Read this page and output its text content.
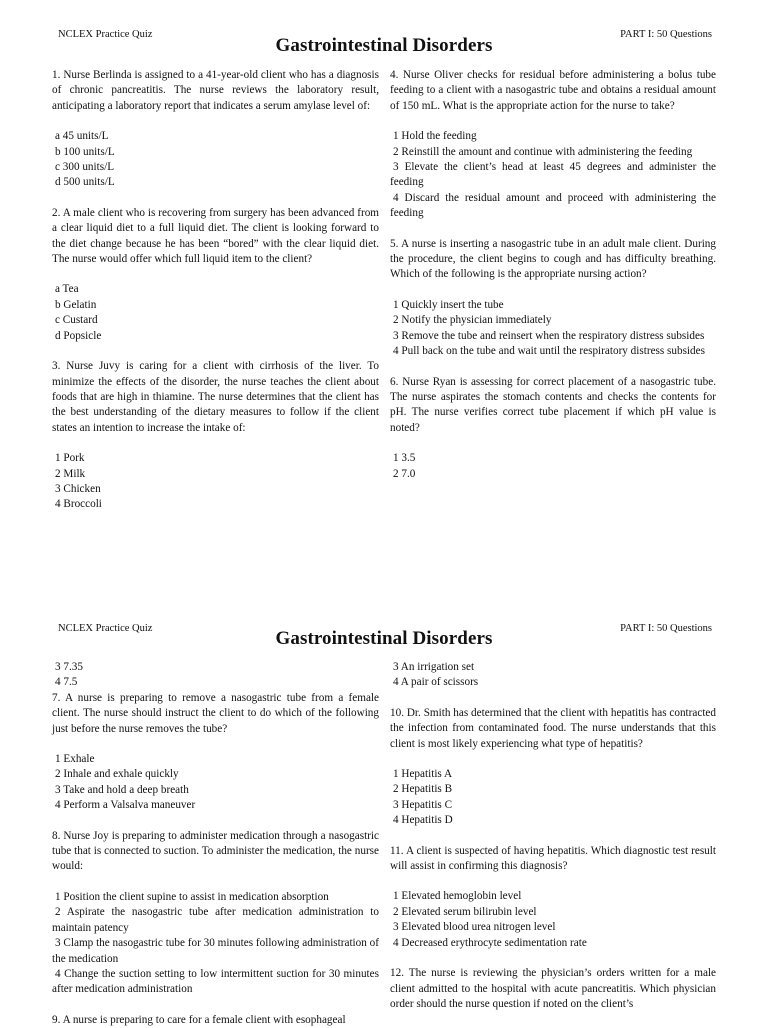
NCLEX Practice Quiz	PART I: 50 Questions
Gastrointestinal Disorders

1. Nurse Berlinda is assigned to a 41-year-old client who has a diagnosis of chronic pancreatitis. The nurse reviews the laboratory result, anticipating a laboratory report that indicates a serum amylase level of:

a 45 units/L
b 100 units/L
c 300 units/L
d 500 units/L

2. A male client who is recovering from surgery has been advanced from a clear liquid diet to a full liquid diet. The client is looking forward to the diet change because he has been “bored” with the clear liquid diet. The nurse would offer which full liquid item to the client?

a Tea
b Gelatin
c Custard
d Popsicle

3. Nurse Juvy is caring for a client with cirrhosis of the liver. To minimize the effects of the disorder, the nurse teaches the client about foods that are high in thiamine. The nurse determines that the client has the best understanding of the dietary measures to follow if the client states an intention to increase the intake of:

1 Pork
2 Milk
3 Chicken
4 Broccoli

4. Nurse Oliver checks for residual before administering a bolus tube feeding to a client with a nasogastric tube and obtains a residual amount of 150 mL. What is the appropriate action for the nurse to take?

1 Hold the feeding
2 Reinstill the amount and continue with administering the feeding
3 Elevate the client’s head at least 45 degrees and administer the feeding
4 Discard the residual amount and proceed with administering the feeding

5. A nurse is inserting a nasogastric tube in an adult male client. During the procedure, the client begins to cough and has difficulty breathing. Which of the following is the appropriate nursing action?

1 Quickly insert the tube
2 Notify the physician immediately
3 Remove the tube and reinsert when the respiratory distress subsides
4 Pull back on the tube and wait until the respiratory distress subsides

6. Nurse Ryan is assessing for correct placement of a nasogastric tube. The nurse aspirates the stomach contents and checks the contents for pH. The nurse verifies correct tube placement if which pH value is noted?

1 3.5
2 7.0
NCLEX Practice Quiz	PART I: 50 Questions
Gastrointestinal Disorders
3 7.35
4 7.5

7. A nurse is preparing to remove a nasogastric tube from a female client. The nurse should instruct the client to do which of the following just before the nurse removes the tube?

1 Exhale
2 Inhale and exhale quickly
3 Take and hold a deep breath
4 Perform a Valsalva maneuver

8. Nurse Joy is preparing to administer medication through a nasogastric tube that is connected to suction. To administer the medication, the nurse would:

1 Position the client supine to assist in medication absorption
2 Aspirate the nasogastric tube after medication administration to maintain patency
3 Clamp the nasogastric tube for 30 minutes following administration of the medication
4 Change the suction setting to low intermittent suction for 30 minutes after medication administration

9. A nurse is preparing to care for a female client with esophageal

3 An irrigation set
4 A pair of scissors

10. Dr. Smith has determined that the client with hepatitis has contracted the infection from contaminated food. The nurse understands that this client is most likely experiencing what type of hepatitis?

1 Hepatitis A
2 Hepatitis B
3 Hepatitis C
4 Hepatitis D

11. A client is suspected of having hepatitis. Which diagnostic test result will assist in confirming this diagnosis?

1 Elevated hemoglobin level
2 Elevated serum bilirubin level
3 Elevated blood urea nitrogen level
4 Decreased erythrocyte sedimentation rate

12. The nurse is reviewing the physician’s orders written for a male client admitted to the hospital with acute pancreatitis. Which physician order should the nurse question if noted on the client’s
